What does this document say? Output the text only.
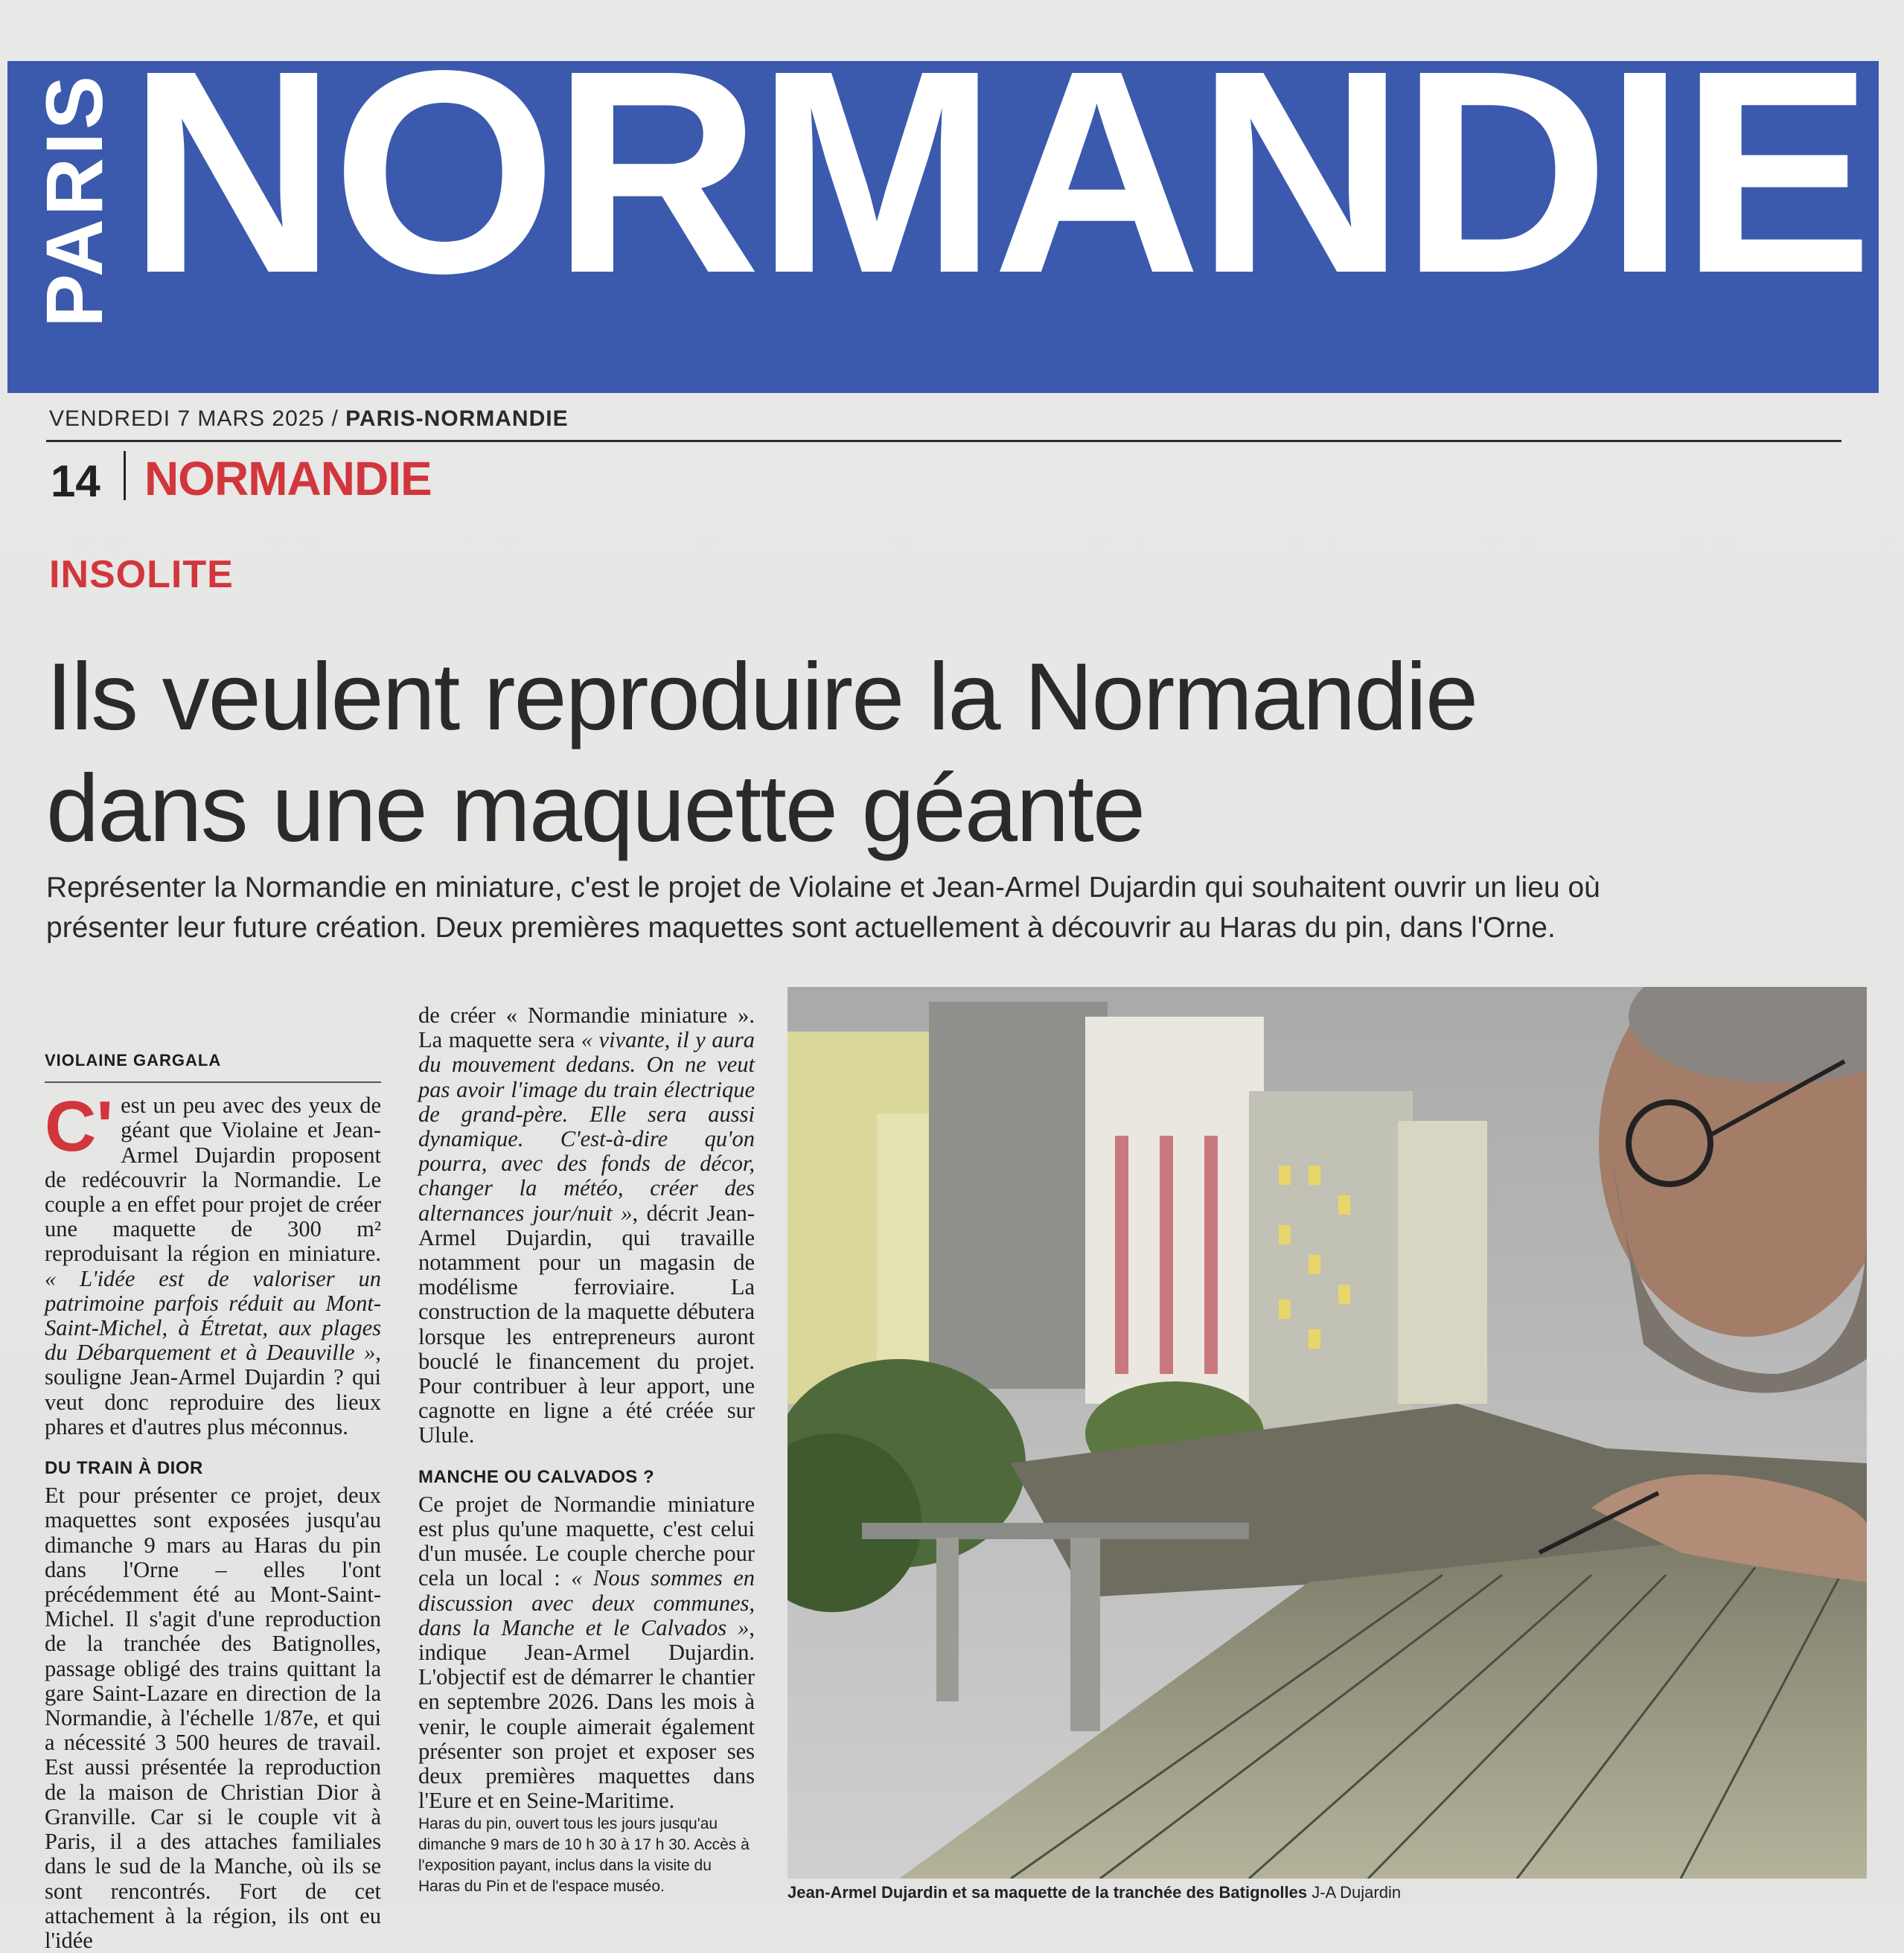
PARIS NORMANDIE
VENDREDI 7 MARS 2025 / PARIS-NORMANDIE
14 NORMANDIE
INSOLITE
Ils veulent reproduire la Normandie
dans une maquette géante
Représenter la Normandie en miniature, c'est le projet de Violaine et Jean-Armel Dujardin qui souhaitent ouvrir un lieu où présenter leur future création. Deux premières maquettes sont actuellement à découvrir au Haras du pin, dans l'Orne.
VIOLAINE GARGALA

C' est un peu avec des yeux de géant que Violaine et Jean-Armel Dujardin proposent de redécouvrir la Normandie. Le couple a en effet pour projet de créer une maquette de 300 m² reproduisant la région en miniature. « L'idée est de valoriser un patrimoine parfois réduit au Mont-Saint-Michel, à Étretat, aux plages du Débarquement et à Deauville », souligne Jean-Armel Dujardin ? qui veut donc reproduire des lieux phares et d'autres plus méconnus.

DU TRAIN À DIOR

Et pour présenter ce projet, deux maquettes sont exposées jusqu'au dimanche 9 mars au Haras du pin dans l'Orne – elles l'ont précédemment été au Mont-Saint-Michel. Il s'agit d'une reproduction de la tranchée des Batignolles, passage obligé des trains quittant la gare Saint-Lazare en direction de la Normandie, à l'échelle 1/87e, et qui a nécessité 3 500 heures de travail. Est aussi présentée la reproduction de la maison de Christian Dior à Granville. Car si le couple vit à Paris, il a des attaches familiales dans le sud de la Manche, où ils se sont rencontrés. Fort de cet attachement à la région, ils ont eu l'idée

de créer « Normandie miniature ». La maquette sera « vivante, il y aura du mouvement dedans. On ne veut pas avoir l'image du train électrique de grand-père. Elle sera aussi dynamique. C'est-à-dire qu'on pourra, avec des fonds de décor, changer la météo, créer des alternances jour/nuit », décrit Jean-Armel Dujardin, qui travaille notamment pour un magasin de modélisme ferroviaire. La construction de la maquette débutera lorsque les entrepreneurs auront bouclé le financement du projet. Pour contribuer à leur apport, une cagnotte en ligne a été créée sur Ulule.

MANCHE OU CALVADOS ?

Ce projet de Normandie miniature est plus qu'une maquette, c'est celui d'un musée. Le couple cherche pour cela un local : « Nous sommes en discussion avec deux communes, dans la Manche et le Calvados », indique Jean-Armel Dujardin. L'objectif est de démarrer le chantier en septembre 2026. Dans les mois à venir, le couple aimerait également présenter son projet et exposer ses deux premières maquettes dans l'Eure et en Seine-Maritime.

Haras du pin, ouvert tous les jours jusqu'au dimanche 9 mars de 10 h 30 à 17 h 30. Accès à l'exposition payant, inclus dans la visite du Haras du Pin et de l'espace muséo.	Jean-Armel Dujardin et sa maquette de la tranchée des Batignolles J-A Dujardin
